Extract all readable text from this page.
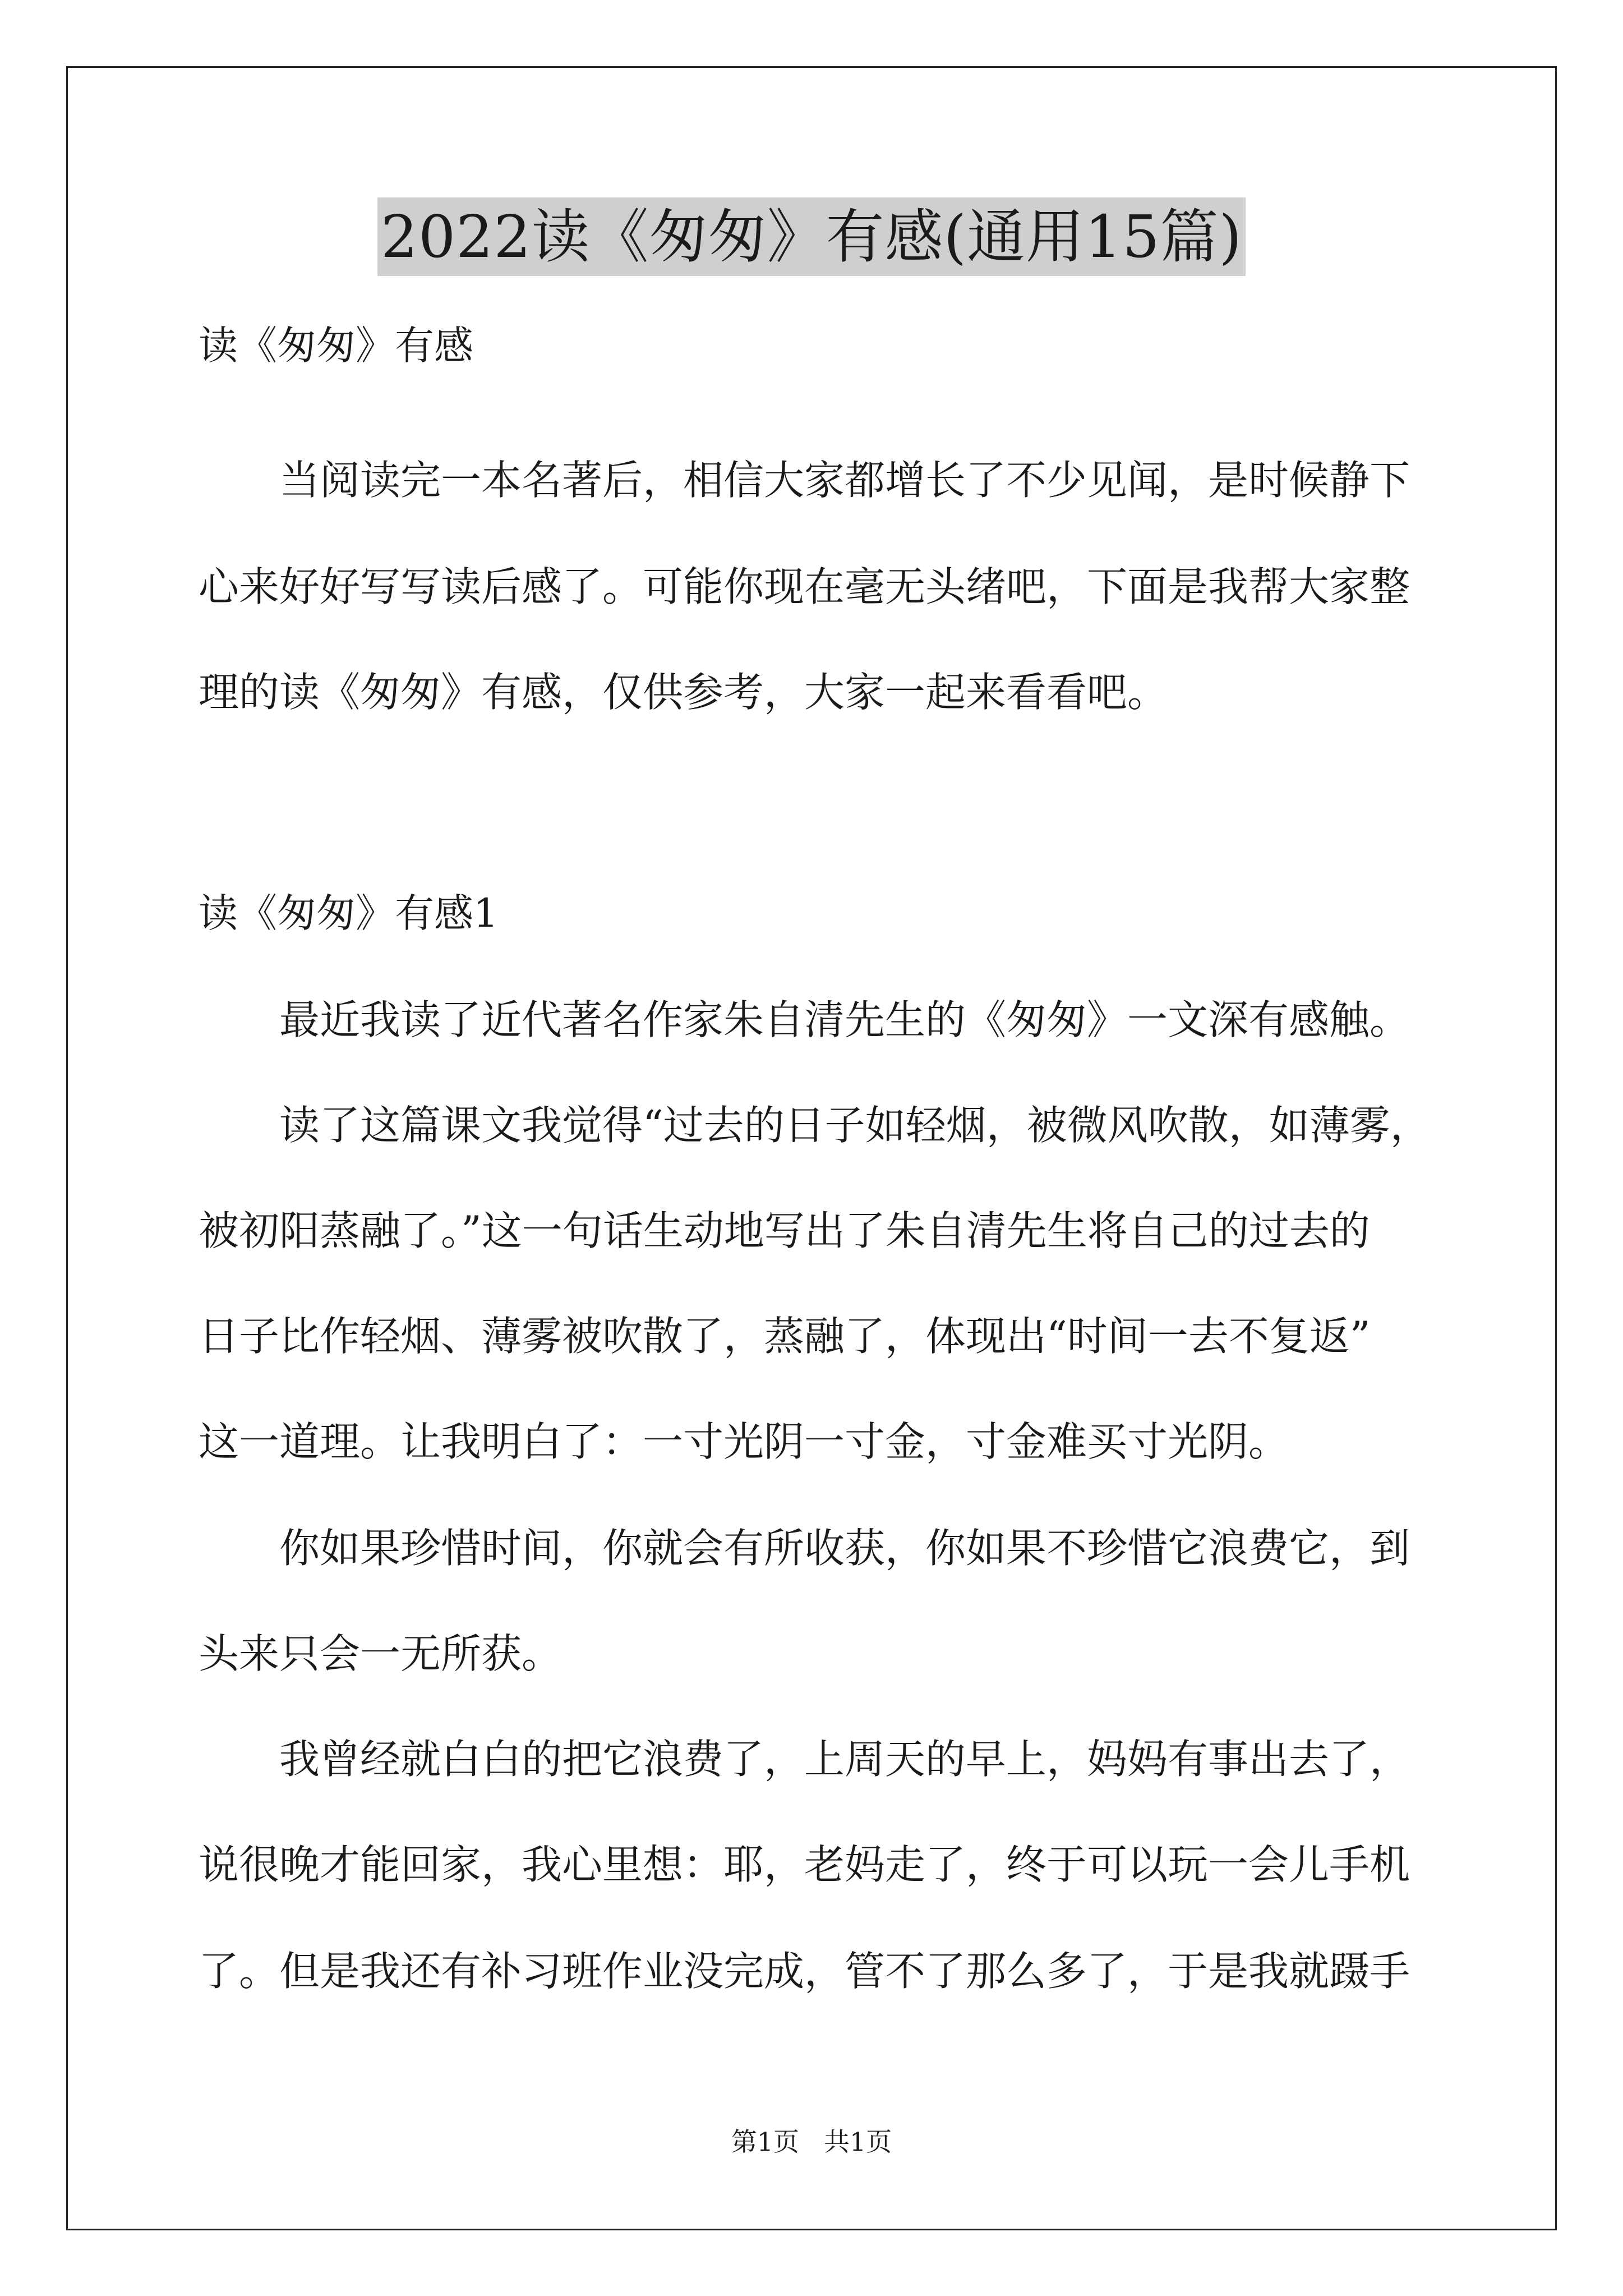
2022读《匆匆》有感(通用15篇)

读《匆匆》有感

当阅读完一本名著后，相信大家都增长了不少见闻，是时候静下

心来好好写写读后感了。可能你现在毫无头绪吧，下面是我帮大家整

理的读《匆匆》有感，仅供参考，大家一起来看看吧。

读《匆匆》有感1

最近我读了近代著名作家朱自清先生的《匆匆》一文深有感触。

读了这篇课文我觉得“过去的日子如轻烟，被微风吹散，如薄雾，

被初阳蒸融了。”这一句话生动地写出了朱自清先生将自己的过去的

日子比作轻烟、薄雾被吹散了，蒸融了，体现出“时间一去不复返”

这一道理。让我明白了：一寸光阴一寸金，寸金难买寸光阴。

你如果珍惜时间，你就会有所收获，你如果不珍惜它浪费它，到

头来只会一无所获。

我曾经就白白的把它浪费了，上周天的早上，妈妈有事出去了，

说很晚才能回家，我心里想：耶，老妈走了，终于可以玩一会儿手机

了。但是我还有补习班作业没完成，管不了那么多了，于是我就蹑手

第1页 共1页
